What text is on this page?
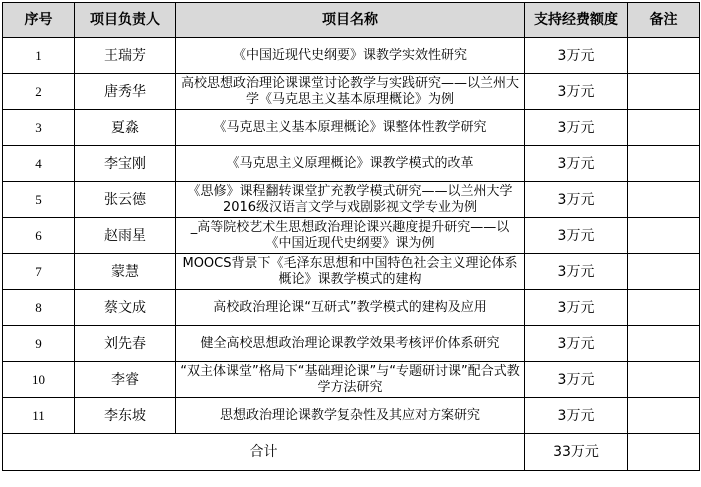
序号	项目负责人	项目名称	支持经费额度	备注
1	王瑞芳	《中国近现代史纲要》课教学实效性研究	3万元	
2	唐秀华	高校思想政治理论课课堂讨论教学与实践研究——以兰州大学《马克思主义基本原理概论》为例	3万元	
3	夏淼	《马克思主义基本原理概论》课整体性教学研究	3万元	
4	李宝刚	《马克思主义原理概论》课教学模式的改革	3万元	
5	张云德	《思修》课程翻转课堂扩充教学模式研究——以兰州大学2016级汉语言文学与戏剧影视文学专业为例	3万元	
6	赵雨星	_高等院校艺术生思想政治理论课兴趣度提升研究——以《中国近现代史纲要》课为例	3万元	
7	蒙慧	MOOCS背景下《毛泽东思想和中国特色社会主义理论体系概论》课教学模式的建构	3万元	
8	蔡文成	高校政治理论课“互研式”教学模式的建构及应用	3万元	
9	刘先春	健全高校思想政治理论课教学效果考核评价体系研究	3万元	
10	李睿	“双主体课堂”格局下“基础理论课”与“专题研讨课”配合式教学方法研究	3万元	
11	李东坡	思想政治理论课教学复杂性及其应对方案研究	3万元	
合计			33万元	
